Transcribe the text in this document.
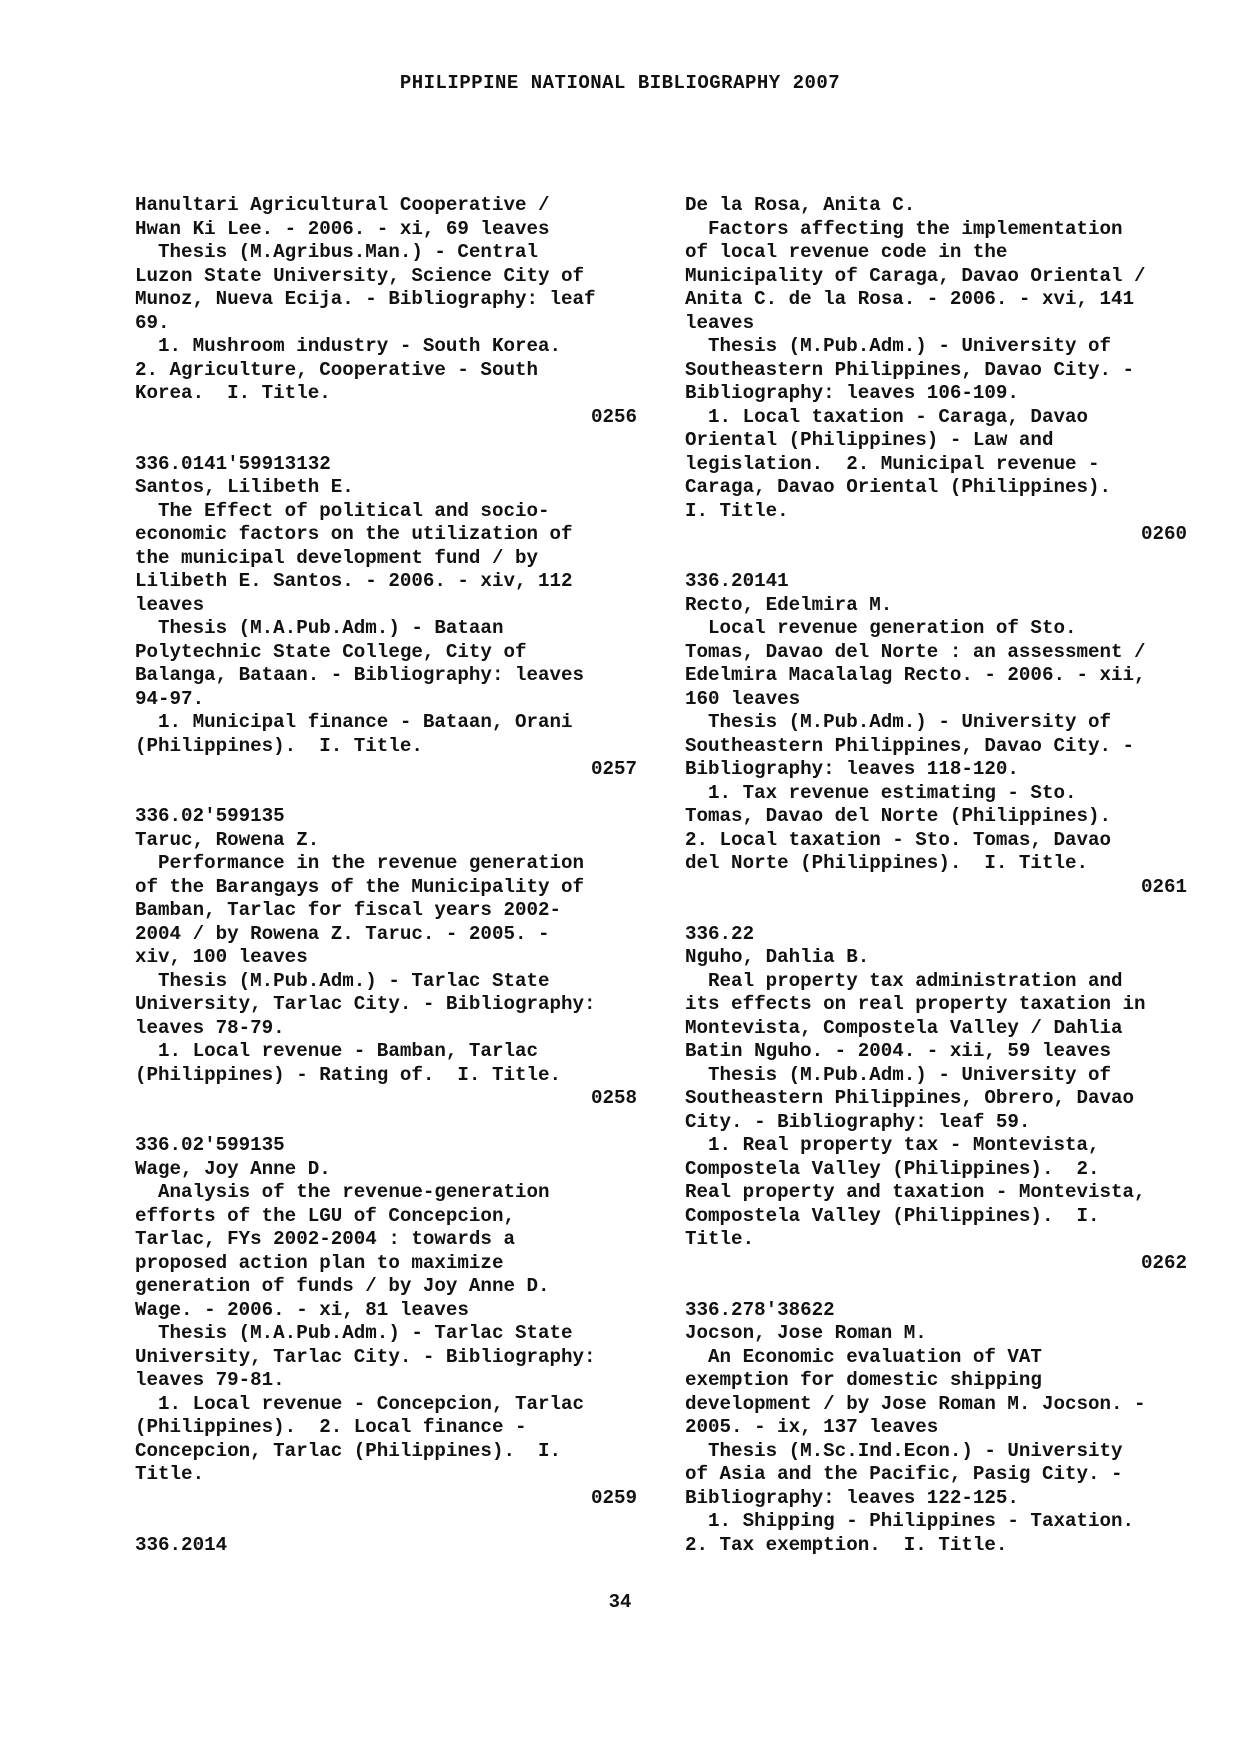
PHILIPPINE NATIONAL BIBLIOGRAPHY 2007
Hanultari Agricultural Cooperative /
Hwan Ki Lee. - 2006. - xi, 69 leaves
Thesis (M.Agribus.Man.) - Central
Luzon State University, Science City of
Munoz, Nueva Ecija. - Bibliography: leaf
69.
1. Mushroom industry - South Korea.
2. Agriculture, Cooperative - South
Korea.  I. Title.
0256
336.0141'59913132
Santos, Lilibeth E.
The Effect of political and socio-
economic factors on the utilization of
the municipal development fund / by
Lilibeth E. Santos. - 2006. - xiv, 112
leaves
Thesis (M.A.Pub.Adm.) - Bataan
Polytechnic State College, City of
Balanga, Bataan. - Bibliography: leaves
94-97.
1. Municipal finance - Bataan, Orani
(Philippines).  I. Title.
0257
336.02'599135
Taruc, Rowena Z.
Performance in the revenue generation
of the Barangays of the Municipality of
Bamban, Tarlac for fiscal years 2002-
2004 / by Rowena Z. Taruc. - 2005. -
xiv, 100 leaves
Thesis (M.Pub.Adm.) - Tarlac State
University, Tarlac City. - Bibliography:
leaves 78-79.
1. Local revenue - Bamban, Tarlac
(Philippines) - Rating of.  I. Title.
0258
336.02'599135
Wage, Joy Anne D.
Analysis of the revenue-generation
efforts of the LGU of Concepcion,
Tarlac, FYs 2002-2004 : towards a
proposed action plan to maximize
generation of funds / by Joy Anne D.
Wage. - 2006. - xi, 81 leaves
Thesis (M.A.Pub.Adm.) - Tarlac State
University, Tarlac City. - Bibliography:
leaves 79-81.
1. Local revenue - Concepcion, Tarlac
(Philippines).  2. Local finance -
Concepcion, Tarlac (Philippines).  I.
Title.
0259
336.2014
De la Rosa, Anita C.
Factors affecting the implementation
of local revenue code in the
Municipality of Caraga, Davao Oriental /
Anita C. de la Rosa. - 2006. - xvi, 141
leaves
Thesis (M.Pub.Adm.) - University of
Southeastern Philippines, Davao City. -
Bibliography: leaves 106-109.
1. Local taxation - Caraga, Davao
Oriental (Philippines) - Law and
legislation.  2. Municipal revenue -
Caraga, Davao Oriental (Philippines).
I. Title.
0260
336.20141
Recto, Edelmira M.
Local revenue generation of Sto.
Tomas, Davao del Norte : an assessment /
Edelmira Macalalag Recto. - 2006. - xii,
160 leaves
Thesis (M.Pub.Adm.) - University of
Southeastern Philippines, Davao City. -
Bibliography: leaves 118-120.
1. Tax revenue estimating - Sto.
Tomas, Davao del Norte (Philippines).
2. Local taxation - Sto. Tomas, Davao
del Norte (Philippines).  I. Title.
0261
336.22
Nguho, Dahlia B.
Real property tax administration and
its effects on real property taxation in
Montevista, Compostela Valley / Dahlia
Batin Nguho. - 2004. - xii, 59 leaves
Thesis (M.Pub.Adm.) - University of
Southeastern Philippines, Obrero, Davao
City. - Bibliography: leaf 59.
1. Real property tax - Montevista,
Compostela Valley (Philippines).  2.
Real property and taxation - Montevista,
Compostela Valley (Philippines).  I.
Title.
0262
336.278'38622
Jocson, Jose Roman M.
An Economic evaluation of VAT
exemption for domestic shipping
development / by Jose Roman M. Jocson. -
2005. - ix, 137 leaves
Thesis (M.Sc.Ind.Econ.) - University
of Asia and the Pacific, Pasig City. -
Bibliography: leaves 122-125.
1. Shipping - Philippines - Taxation.
2. Tax exemption.  I. Title.
34
